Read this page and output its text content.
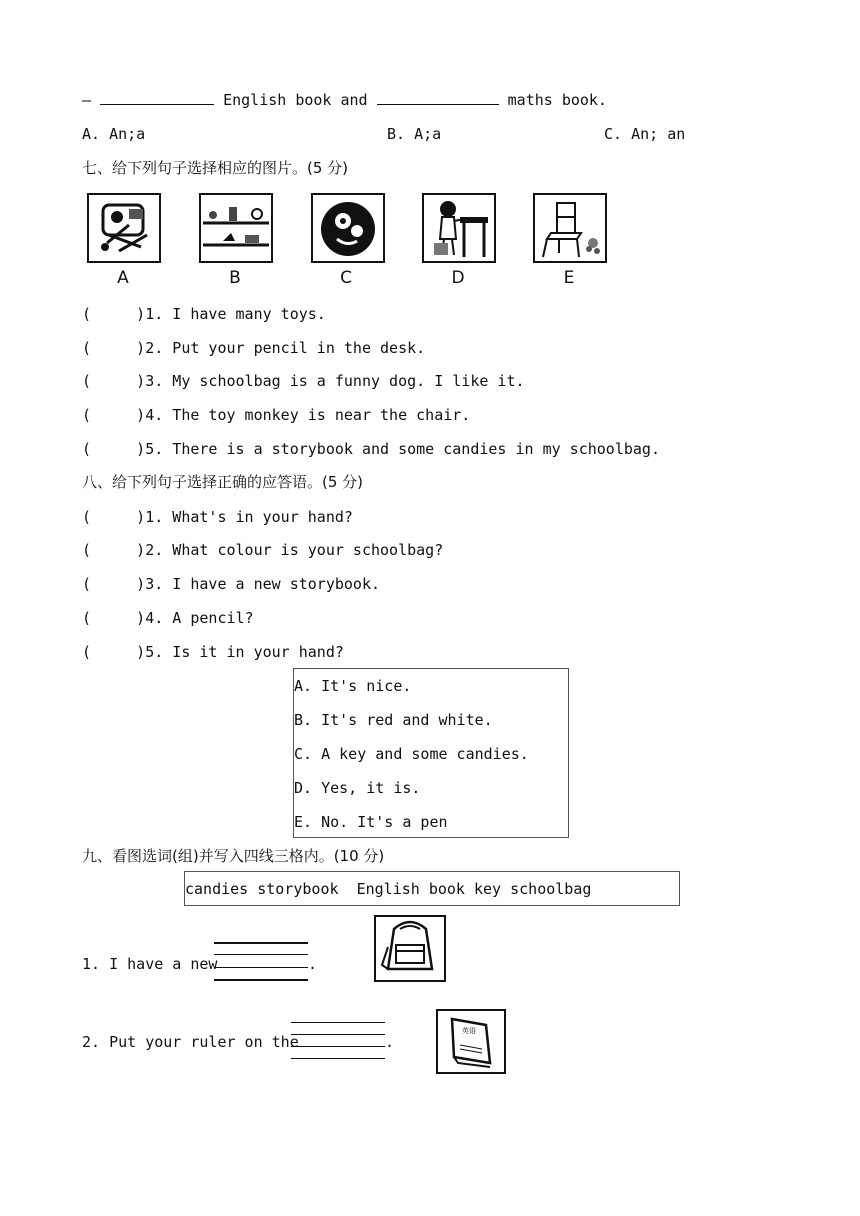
—	English book and	maths book.
A. An;a	B. A;a	C. An; an
七、给下列句子选择相应的图片。(5 分)
A	B	C	D	E
(     )1. I have many toys.
(     )2. Put your pencil in the desk.
(     )3. My schoolbag is a funny dog. I like it.
(     )4. The toy monkey is near the chair.
(     )5. There is a storybook and some candies in my schoolbag.
八、给下列句子选择正确的应答语。(5 分)
(     )1. What's in your hand?
(     )2. What colour is your schoolbag?
(     )3. I have a new storybook.
(     )4. A pencil?
(     )5. Is it in your hand?
A. It's nice.
B. It's red and white.
C. A key and some candies.
D. Yes, it is.
E. No. It's a pen
九、看图选词(组)并写入四线三格内。(10 分)
candies storybook  English book key schoolbag
1. I have a new	.
2. Put your ruler on the	.
英语
